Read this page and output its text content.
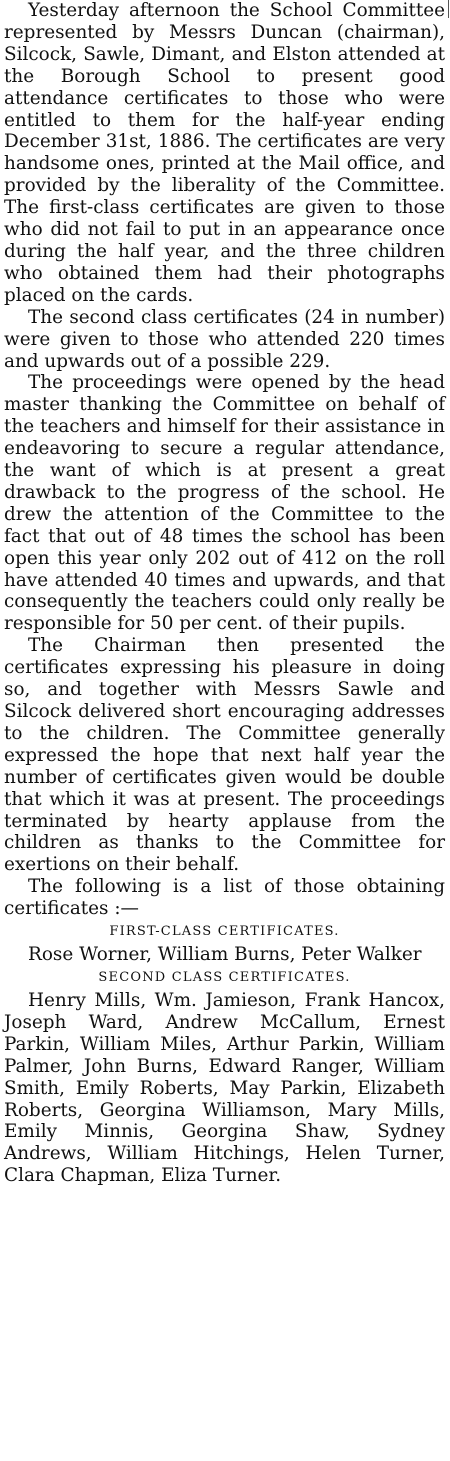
Yesterday afternoon the School Committee represented by Messrs Duncan (chairman), Silcock, Sawle, Dimant, and Elston attended at the Borough School to present good attendance certificates to those who were entitled to them for the half-year ending December 31st, 1886. The certificates are very handsome ones, printed at the Mail office, and provided by the liberality of the Committee. The first-class certificates are given to those who did not fail to put in an appearance once during the half year, and the three children who obtained them had their photographs placed on the cards.

The second class certificates (24 in number) were given to those who attended 220 times and upwards out of a possible 229.

The proceedings were opened by the head master thanking the Committee on behalf of the teachers and himself for their assistance in endeavoring to secure a regular attendance, the want of which is at present a great drawback to the progress of the school. He drew the attention of the Committee to the fact that out of 48 times the school has been open this year only 202 out of 412 on the roll have attended 40 times and upwards, and that consequently the teachers could only really be responsible for 50 per cent. of their pupils.

The Chairman then presented the certificates expressing his pleasure in doing so, and together with Messrs Sawle and Silcock delivered short encouraging addresses to the children. The Committee generally expressed the hope that next half year the number of certificates given would be double that which it was at present. The proceedings terminated by hearty applause from the children as thanks to the Committee for exertions on their behalf.

The following is a list of those obtaining certificates :—

FIRST-CLASS CERTIFICATES.

Rose Worner, William Burns, Peter Walker

SECOND CLASS CERTIFICATES.

Henry Mills, Wm. Jamieson, Frank Hancox, Joseph Ward, Andrew McCallum, Ernest Parkin, William Miles, Arthur Parkin, William Palmer, John Burns, Edward Ranger, William Smith, Emily Roberts, May Parkin, Elizabeth Roberts, Georgina Williamson, Mary Mills, Emily Minnis, Georgina Shaw, Sydney Andrews, William Hitchings, Helen Turner, Clara Chapman, Eliza Turner.
